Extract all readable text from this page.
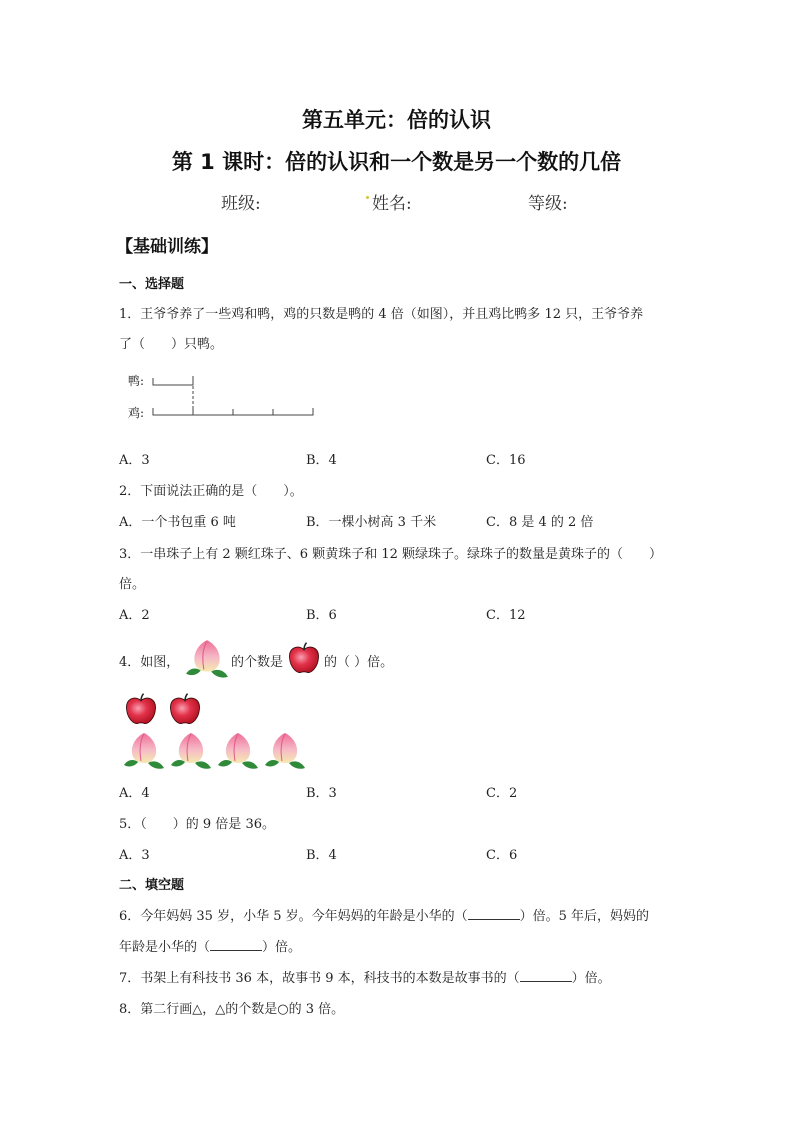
第五单元：倍的认识
第 1 课时：倍的认识和一个数是另一个数的几倍
班级:	姓名:	等级:
【基础训练】
一、选择题
1．王爷爷养了一些鸡和鸭，鸡的只数是鸭的 4 倍（如图），并且鸡比鸭多 12 只，王爷爷养
了（　　）只鸭。
鸭:
鸡:
A．3	B．4	C．16
2．下面说法正确的是（　　）。
A．一个书包重 6 吨	B．一棵小树高 3 千米	C．8 是 4 的 2 倍
3．一串珠子上有 2 颗红珠子、6 颗黄珠子和 12 颗绿珠子。绿珠子的数量是黄珠子的（　　）
倍。
A．2	B．6	C．12
4．如图，	的个数是	的（ ）倍。
A．4	B．3	C．2
5．（　　）的 9 倍是 36。
A．3	B．4	C．6
二、填空题
6．今年妈妈 35 岁，小华 5 岁。今年妈妈的年龄是小华的（	）倍。5 年后，妈妈的
年龄是小华的（	）倍。
7．书架上有科技书 36 本，故事书 9 本，科技书的本数是故事书的（	）倍。
8．第二行画△，△的个数是○的 3 倍。
